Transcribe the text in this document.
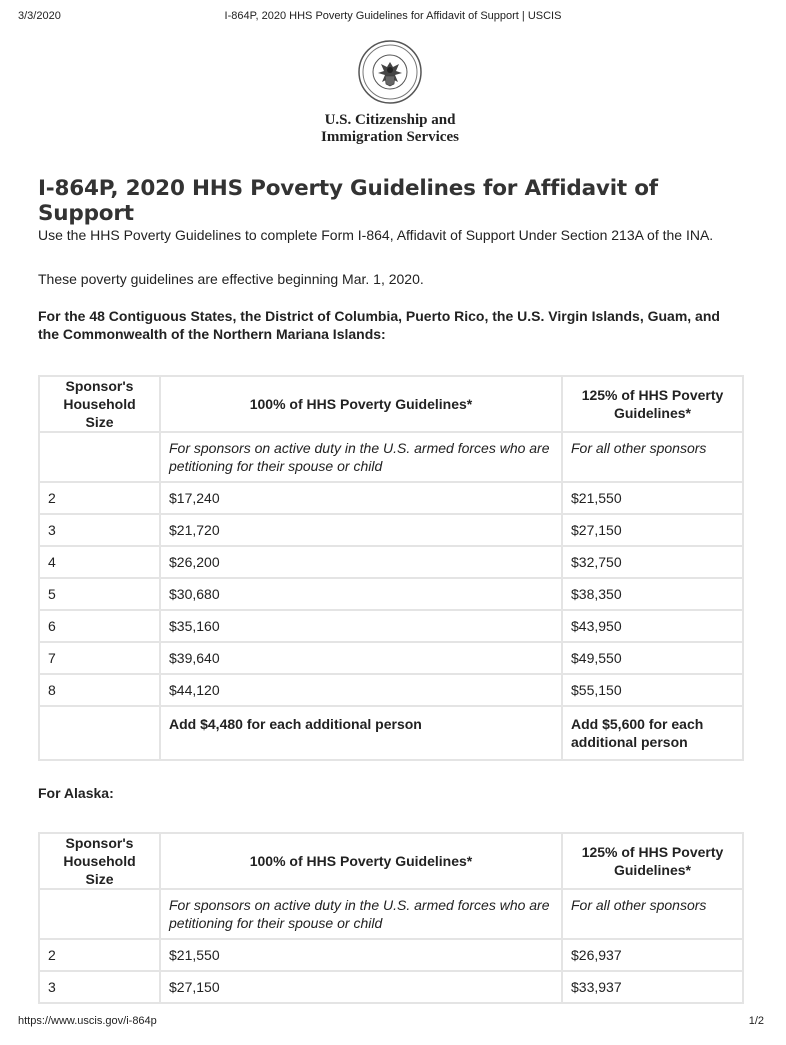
3/3/2020	I-864P, 2020 HHS Poverty Guidelines for Affidavit of Support | USCIS
U.S. Citizenship and
Immigration Services
I-864P, 2020 HHS Poverty Guidelines for Affidavit of Support
Use the HHS Poverty Guidelines to complete Form I-864, Affidavit of Support Under Section 213A of the INA.
These poverty guidelines are effective beginning Mar. 1, 2020.
For the 48 Contiguous States, the District of Columbia, Puerto Rico, the U.S. Virgin Islands, Guam, and the Commonwealth of the Northern Mariana Islands:
Sponsor's Household Size	100% of HHS Poverty Guidelines*	125% of HHS Poverty Guidelines*
	For sponsors on active duty in the U.S. armed forces who are petitioning for their spouse or child	For all other sponsors
2	$17,240	$21,550
3	$21,720	$27,150
4	$26,200	$32,750
5	$30,680	$38,350
6	$35,160	$43,950
7	$39,640	$49,550
8	$44,120	$55,150
	Add $4,480 for each additional person	Add $5,600 for each additional person
For Alaska:
Sponsor's Household Size	100% of HHS Poverty Guidelines*	125% of HHS Poverty Guidelines*
	For sponsors on active duty in the U.S. armed forces who are petitioning for their spouse or child	For all other sponsors
2	$21,550	$26,937
3	$27,150	$33,937
https://www.uscis.gov/i-864p	1/2
